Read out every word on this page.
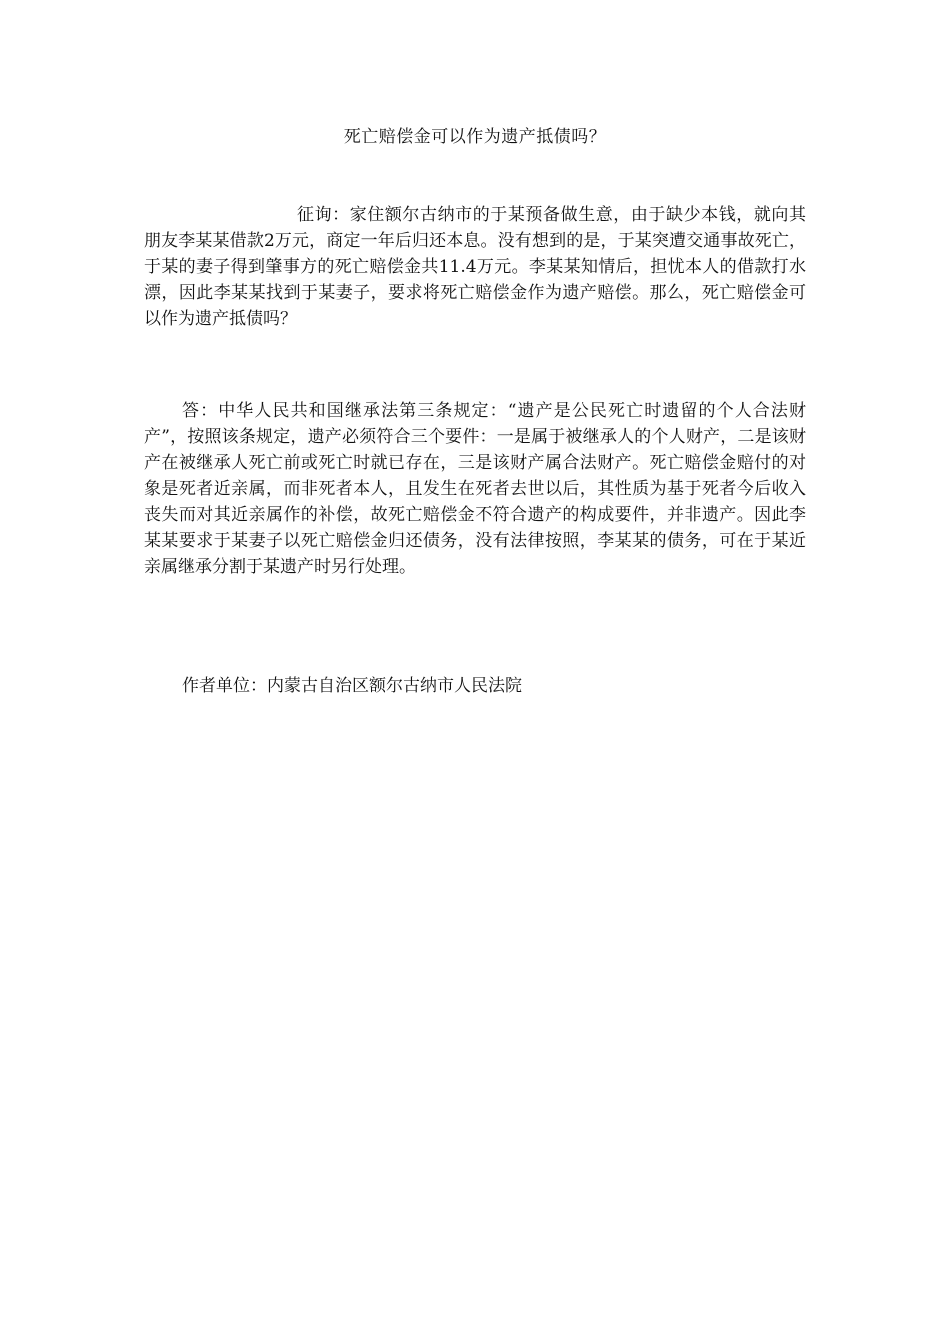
死亡赔偿金可以作为遗产抵债吗？

征询：家住额尔古纳市的于某预备做生意，由于缺少本钱，就向其朋友李某某借款2万元，商定一年后归还本息。没有想到的是，于某突遭交通事故死亡，于某的妻子得到肇事方的死亡赔偿金共11.4万元。李某某知情后，担忧本人的借款打水漂，因此李某某找到于某妻子，要求将死亡赔偿金作为遗产赔偿。那么，死亡赔偿金可以作为遗产抵债吗？

答：中华人民共和国继承法第三条规定：“遗产是公民死亡时遗留的个人合法财产”，按照该条规定，遗产必须符合三个要件：一是属于被继承人的个人财产，二是该财产在被继承人死亡前或死亡时就已存在，三是该财产属合法财产。死亡赔偿金赔付的对象是死者近亲属，而非死者本人，且发生在死者去世以后，其性质为基于死者今后收入丧失而对其近亲属作的补偿，故死亡赔偿金不符合遗产的构成要件，并非遗产。因此李某某要求于某妻子以死亡赔偿金归还债务，没有法律按照，李某某的债务，可在于某近亲属继承分割于某遗产时另行处理。

作者单位：内蒙古自治区额尔古纳市人民法院
